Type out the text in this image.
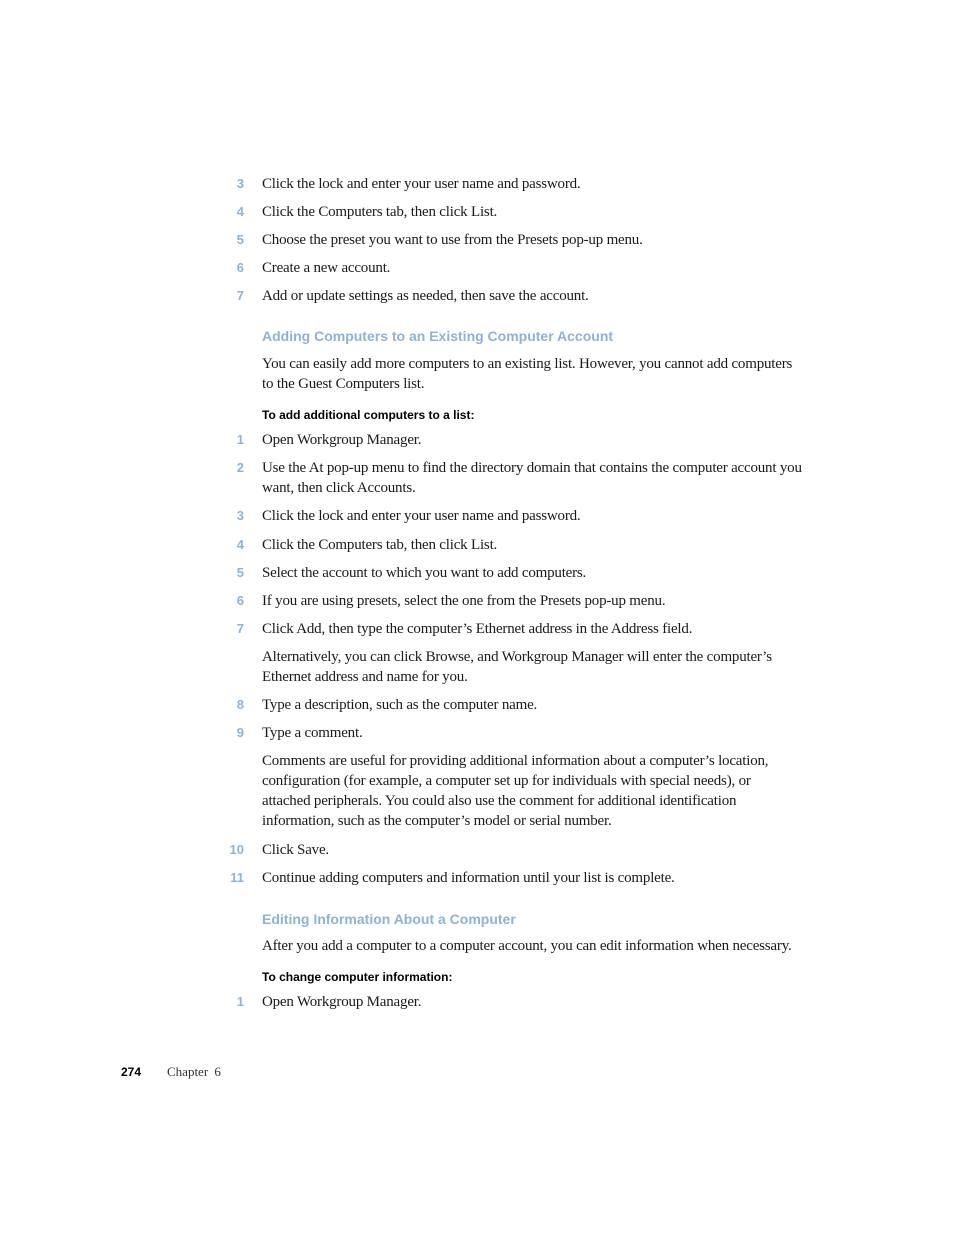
3 Click the lock and enter your user name and password.
4 Click the Computers tab, then click List.
5 Choose the preset you want to use from the Presets pop-up menu.
6 Create a new account.
7 Add or update settings as needed, then save the account.
Adding Computers to an Existing Computer Account
You can easily add more computers to an existing list. However, you cannot add computers to the Guest Computers list.
To add additional computers to a list:
1 Open Workgroup Manager.
2 Use the At pop-up menu to find the directory domain that contains the computer account you want, then click Accounts.
3 Click the lock and enter your user name and password.
4 Click the Computers tab, then click List.
5 Select the account to which you want to add computers.
6 If you are using presets, select the one from the Presets pop-up menu.
7 Click Add, then type the computer’s Ethernet address in the Address field.
Alternatively, you can click Browse, and Workgroup Manager will enter the computer’s Ethernet address and name for you.
8 Type a description, such as the computer name.
9 Type a comment.
Comments are useful for providing additional information about a computer’s location, configuration (for example, a computer set up for individuals with special needs), or attached peripherals. You could also use the comment for additional identification information, such as the computer’s model or serial number.
10 Click Save.
11 Continue adding computers and information until your list is complete.
Editing Information About a Computer
After you add a computer to a computer account, you can edit information when necessary.
To change computer information:
1 Open Workgroup Manager.
274 Chapter 6
